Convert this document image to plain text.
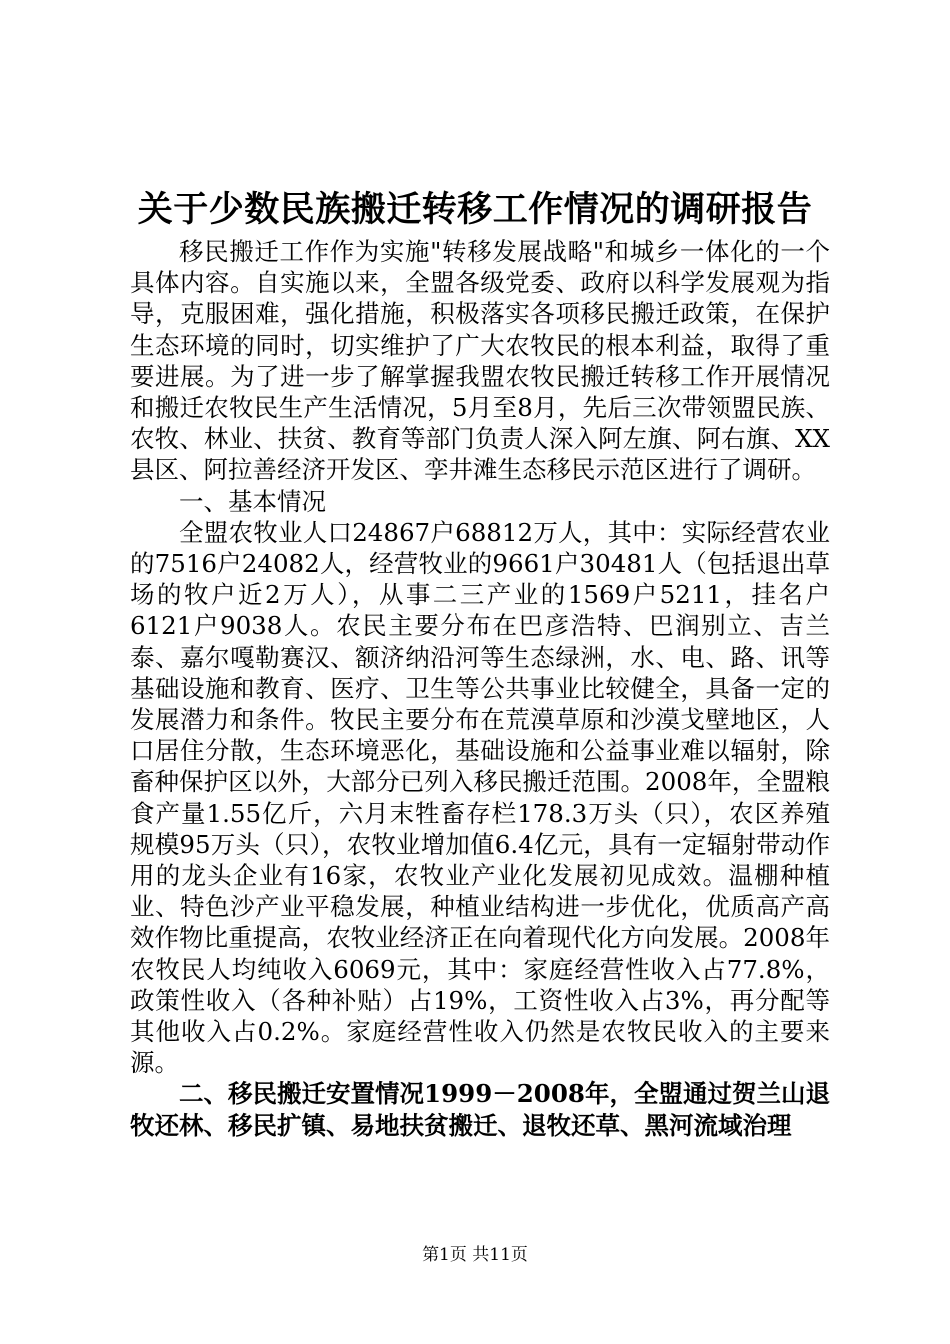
关于少数民族搬迁转移工作情况的调研报告

移民搬迁工作作为实施"转移发展战略"和城乡一体化的一个具体内容。自实施以来，全盟各级党委、政府以科学发展观为指导，克服困难，强化措施，积极落实各项移民搬迁政策，在保护生态环境的同时，切实维护了广大农牧民的根本利益，取得了重要进展。为了进一步了解掌握我盟农牧民搬迁转移工作开展情况和搬迁农牧民生产生活情况，5月至8月，先后三次带领盟民族、农牧、林业、扶贫、教育等部门负责人深入阿左旗、阿右旗、XX县区、阿拉善经济开发区、孪井滩生态移民示范区进行了调研。

一、基本情况

全盟农牧业人口24867户68812万人，其中：实际经营农业的7516户24082人，经营牧业的9661户30481人（包括退出草场的牧户近2万人），从事二三产业的1569户5211，挂名户6121户9038人。农民主要分布在巴彦浩特、巴润别立、吉兰泰、嘉尔嘎勒赛汉、额济纳沿河等生态绿洲，水、电、路、讯等基础设施和教育、医疗、卫生等公共事业比较健全，具备一定的发展潜力和条件。牧民主要分布在荒漠草原和沙漠戈壁地区，人口居住分散，生态环境恶化，基础设施和公益事业难以辐射，除畜种保护区以外，大部分已列入移民搬迁范围。2008年，全盟粮食产量1.55亿斤，六月末牲畜存栏178.3万头（只），农区养殖规模95万头（只），农牧业增加值6.4亿元，具有一定辐射带动作用的龙头企业有16家，农牧业产业化发展初见成效。温棚种植业、特色沙产业平稳发展，种植业结构进一步优化，优质高产高效作物比重提高，农牧业经济正在向着现代化方向发展。2008年农牧民人均纯收入6069元，其中：家庭经营性收入占77.8%，政策性收入（各种补贴）占19%，工资性收入占3%，再分配等其他收入占0.2%。家庭经营性收入仍然是农牧民收入的主要来源。

二、移民搬迁安置情况1999－2008年，全盟通过贺兰山退牧还林、移民扩镇、易地扶贫搬迁、退牧还草、黑河流域治理

第1页 共11页
